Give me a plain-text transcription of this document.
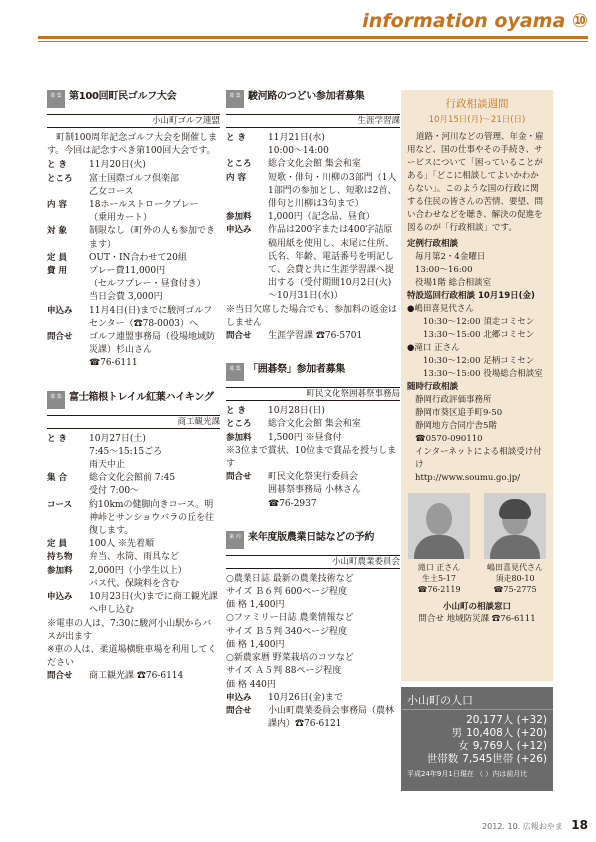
information oyama ⑩
募 集 第100回町民ゴルフ大会
小山町ゴルフ連盟
町制100周年記念ゴルフ大会を開催します。今回は記念すべき第100回大会です。
と き	11月20日(火)
ところ	富士国際ゴルフ倶楽部
乙女コース
内 容	18ホールストロークプレー
（乗用カート）
対 象	制限なし（町外の人も参加できます）
定 員	OUT・IN合わせて20組
費 用	プレー費11,000円
（セルフプレー・昼食付き）
当日会費 3,000円
申込み	11月4日(日)までに駿河ゴルフセンター（☎78-0003）へ
問合せ	ゴルフ連盟事務局（役場地域防災課）杉山さん
☎76-6111
募 集 富士箱根トレイル紅葉ハイキング
商工観光課
と き	10月27日(土)
7:45～15:15ごろ
雨天中止
集 合	総合文化会館前 7:45
受付 7:00～
コース	約10kmの健脚向きコース。明神峠とサンショウバラの丘を往復します。
定 員	100人 ※先着順
持ち物	弁当、水筒、雨具など
参加料	2,000円（小学生以上）
バス代、保険料を含む
申込み	10月23日(火)までに商工観光課へ申し込む
※電車の人は、7:30に駿河小山駅からバスが出ます
※車の人は、柔道場横駐車場を利用してください
問合せ	商工観光課 ☎76-6114
募 集 駿河路のつどい参加者募集
生涯学習課
と き	11月21日(水)
10:00～14:00
ところ	総合文化会館 集会和室
内 容	短歌・俳句・川柳の3部門（1人1部門の参加とし、短歌は2首、俳句と川柳は3句まで）
参加料	1,000円（記念品、昼食）
申込み	作品は200字または400字詰原稿用紙を使用し、末尾に住所、氏名、年齢、電話番号を明記して、会費と共に生涯学習課へ提出する（受付期間10月2日(火)～10月31日(水)）
※当日欠席した場合でも、参加料の返金はしません
問合せ	生涯学習課 ☎76-5701
募 集 「囲碁祭」参加者募集
町民文化祭囲碁祭事務局
と き	10月28日(日)
ところ	総合文化会館 集会和室
参加料	1,500円 ※昼食付
※3位まで賞状、10位まで賞品を授与します
問合せ	町民文化祭実行委員会
囲碁祭事務局 小林さん
☎76-2937
案 内 来年度版農業日誌などの予約
小山町農業委員会
○農業日誌 最新の農業技術など
サイズ Ｂ６判 600ページ程度
価 格 1,400円
○ファミリー日誌 農業情報など
サイズ Ｂ５判 340ページ程度
価 格 1,400円
○新農家暦 野菜栽培のコツなど
サイズ Ａ５判 88ページ程度
価 格 440円
申込み	10月26日(金)まで
問合せ	小山町農業委員会事務局（農林課内）☎76-6121
行政相談週間
10月15日(月)～21日(日)
道路・河川などの管理、年金・雇用など、国の仕事やその手続き、サービスについて「困っていることがある」「どこに相談してよいかわからない」。このような国の行政に関する住民の皆さんの苦情、要望、問い合わせなどを聴き、解決の促進を図るのが「行政相談」です。
定例行政相談
毎月第2・4金曜日
13:00～16:00
役場1階 総合相談室
特設巡回行政相談 10月19日(金)
●嶋田喜見代さん
10:30～12:00 須走コミセン
13:30～15:00 北郷コミセン
●滝口 正さん
10:30～12:00 足柄コミセン
13:30～15:00 役場総合相談室
随時行政相談
静岡行政評価事務所
静岡市葵区追手町9-50
静岡地方合同庁舎5階
☎0570-090110
インターネットによる相談受け付け
http://www.soumu.go.jp/
滝口 正さん
生土5-17
☎76-2119
嶋田喜見代さん
須走80-10
☎75-2775
小山町の相談窓口
問合せ 地域防災課 ☎76-6111
小山町の人口
20,177人 (+32)
男 10,408人 (+20)
女 9,769人 (+12)
世帯数 7,545世帯 (+26)
平成24年9月1日現在 （ ）内は前月比
2012. 10. 広報おやま 18
